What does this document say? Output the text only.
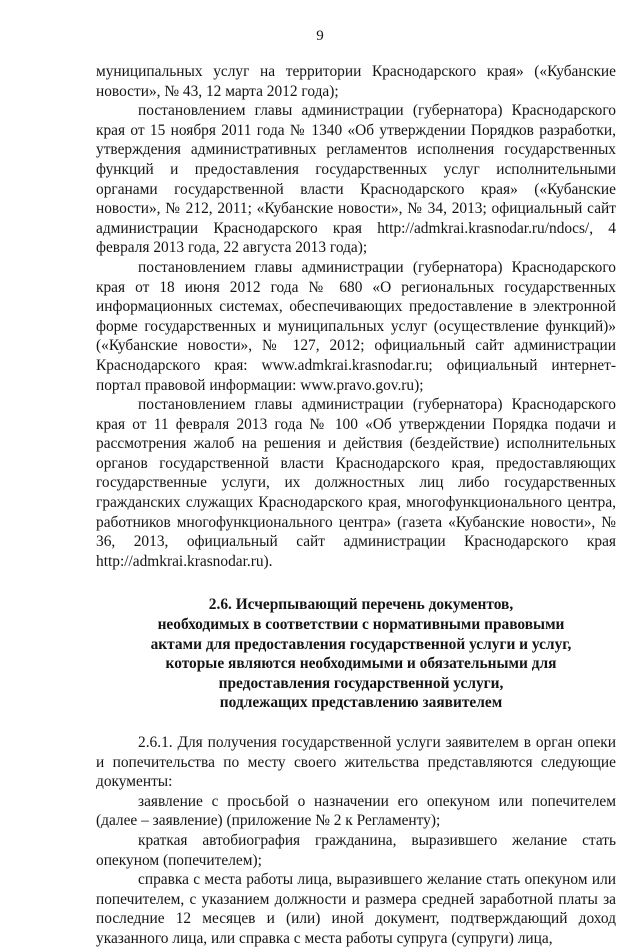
9

муниципальных услуг на территории Краснодарского края» («Кубанские новости», № 43, 12 марта 2012 года);

постановлением главы администрации (губернатора) Краснодарского края от 15 ноября 2011 года № 1340 «Об утверждении Порядков разработки, утверждения административных регламентов исполнения государственных функций и предоставления государственных услуг исполнительными органами государственной власти Краснодарского края» («Кубанские новости», № 212, 2011; «Кубанские новости», № 34, 2013; официальный сайт администрации Краснодарского края http://admkrai.krasnodar.ru/ndocs/, 4 февраля 2013 года, 22 августа 2013 года);

постановлением главы администрации (губернатора) Краснодарского края от 18 июня 2012 года № 680 «О региональных государственных информационных системах, обеспечивающих предоставление в электронной форме государственных и муниципальных услуг (осуществление функций)» («Кубанские новости», № 127, 2012; официальный сайт администрации Краснодарского края: www.admkrai.krasnodar.ru; официальный интернет-портал правовой информации: www.pravo.gov.ru);

постановлением главы администрации (губернатора) Краснодарского края от 11 февраля 2013 года № 100 «Об утверждении Порядка подачи и рассмотрения жалоб на решения и действия (бездействие) исполнительных органов государственной власти Краснодарского края, предоставляющих государственные услуги, их должностных лиц либо государственных гражданских служащих Краснодарского края, многофункционального центра, работников многофункционального центра» (газета «Кубанские новости», № 36, 2013, официальный сайт администрации Краснодарского края http://admkrai.krasnodar.ru).

2.6. Исчерпывающий перечень документов,
необходимых в соответствии с нормативными правовыми
актами для предоставления государственной услуги и услуг,
которые являются необходимыми и обязательными для
предоставления государственной услуги,
подлежащих представлению заявителем

2.6.1. Для получения государственной услуги заявителем в орган опеки и попечительства по месту своего жительства представляются следующие документы:

заявление с просьбой о назначении его опекуном или попечителем (далее – заявление) (приложение № 2 к Регламенту);

краткая автобиография гражданина, выразившего желание стать опекуном (попечителем);

справка с места работы лица, выразившего желание стать опекуном или попечителем, с указанием должности и размера средней заработной платы за последние 12 месяцев и (или) иной документ, подтверждающий доход указанного лица, или справка с места работы супруга (супруги) лица,
